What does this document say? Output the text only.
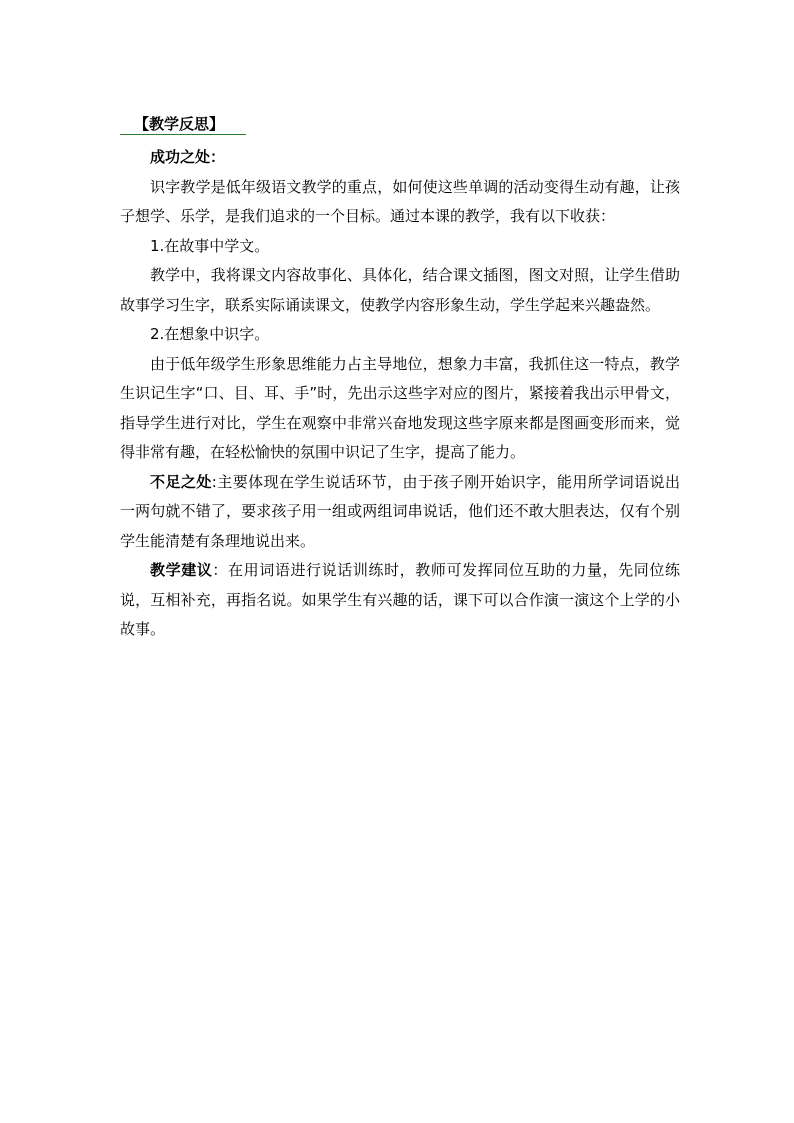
【教学反思】

成功之处：

识字教学是低年级语文教学的重点，如何使这些单调的活动变得生动有趣，让孩子想学、乐学，是我们追求的一个目标。通过本课的教学，我有以下收获：

1.在故事中学文。

教学中，我将课文内容故事化、具体化，结合课文插图，图文对照，让学生借助故事学习生字，联系实际诵读课文，使教学内容形象生动，学生学起来兴趣盎然。

2.在想象中识字。

由于低年级学生形象思维能力占主导地位，想象力丰富，我抓住这一特点，教学生识记生字“口、目、耳、手”时，先出示这些字对应的图片，紧接着我出示甲骨文，指导学生进行对比，学生在观察中非常兴奋地发现这些字原来都是图画变形而来，觉得非常有趣，在轻松愉快的氛围中识记了生字，提高了能力。

不足之处:主要体现在学生说话环节，由于孩子刚开始识字，能用所学词语说出一两句就不错了，要求孩子用一组或两组词串说话，他们还不敢大胆表达，仅有个别学生能清楚有条理地说出来。

教学建议：在用词语进行说话训练时，教师可发挥同位互助的力量，先同位练说，互相补充，再指名说。如果学生有兴趣的话，课下可以合作演一演这个上学的小故事。
